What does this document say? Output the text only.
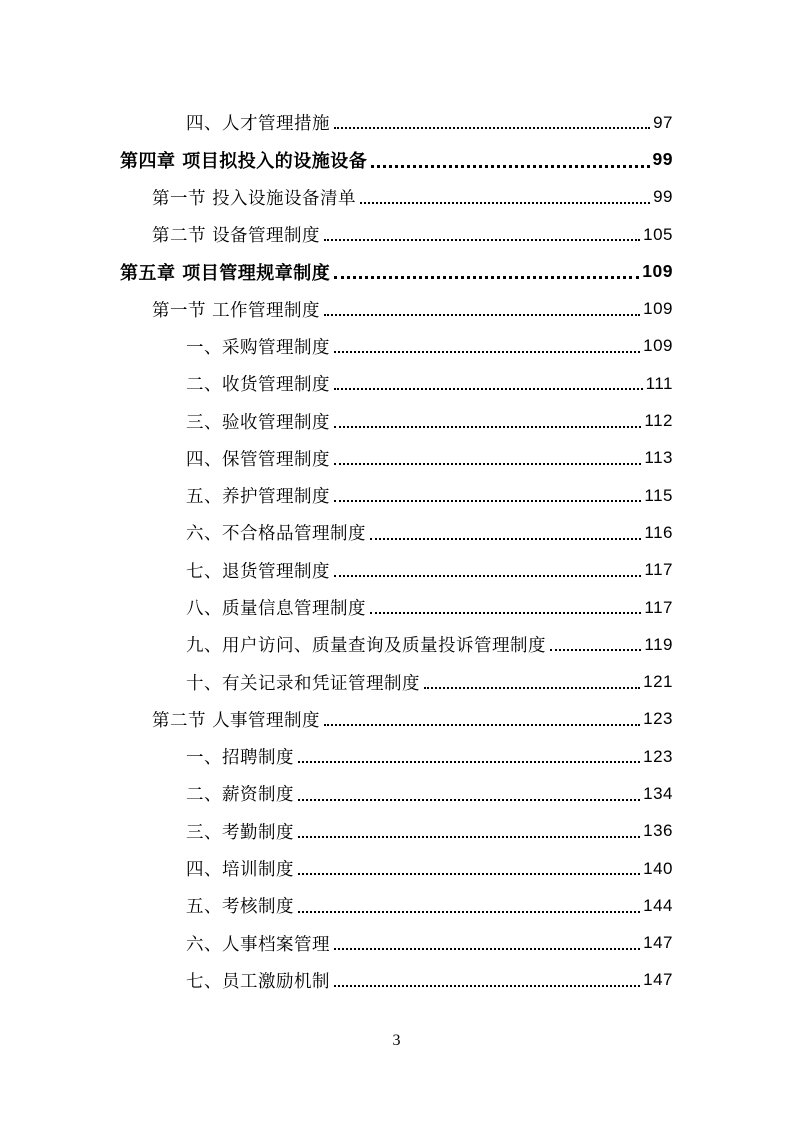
四、人才管理措施	97
第四章 项目拟投入的设施设备	99
第一节 投入设施设备清单	99
第二节 设备管理制度	105
第五章 项目管理规章制度	109
第一节 工作管理制度	109
一、采购管理制度	109
二、收货管理制度	111
三、验收管理制度	112
四、保管管理制度	113
五、养护管理制度	115
六、不合格品管理制度	116
七、退货管理制度	117
八、质量信息管理制度	117
九、用户访问、质量查询及质量投诉管理制度	119
十、有关记录和凭证管理制度	121
第二节 人事管理制度	123
一、招聘制度	123
二、薪资制度	134
三、考勤制度	136
四、培训制度	140
五、考核制度	144
六、人事档案管理	147
七、员工激励机制	147
3
